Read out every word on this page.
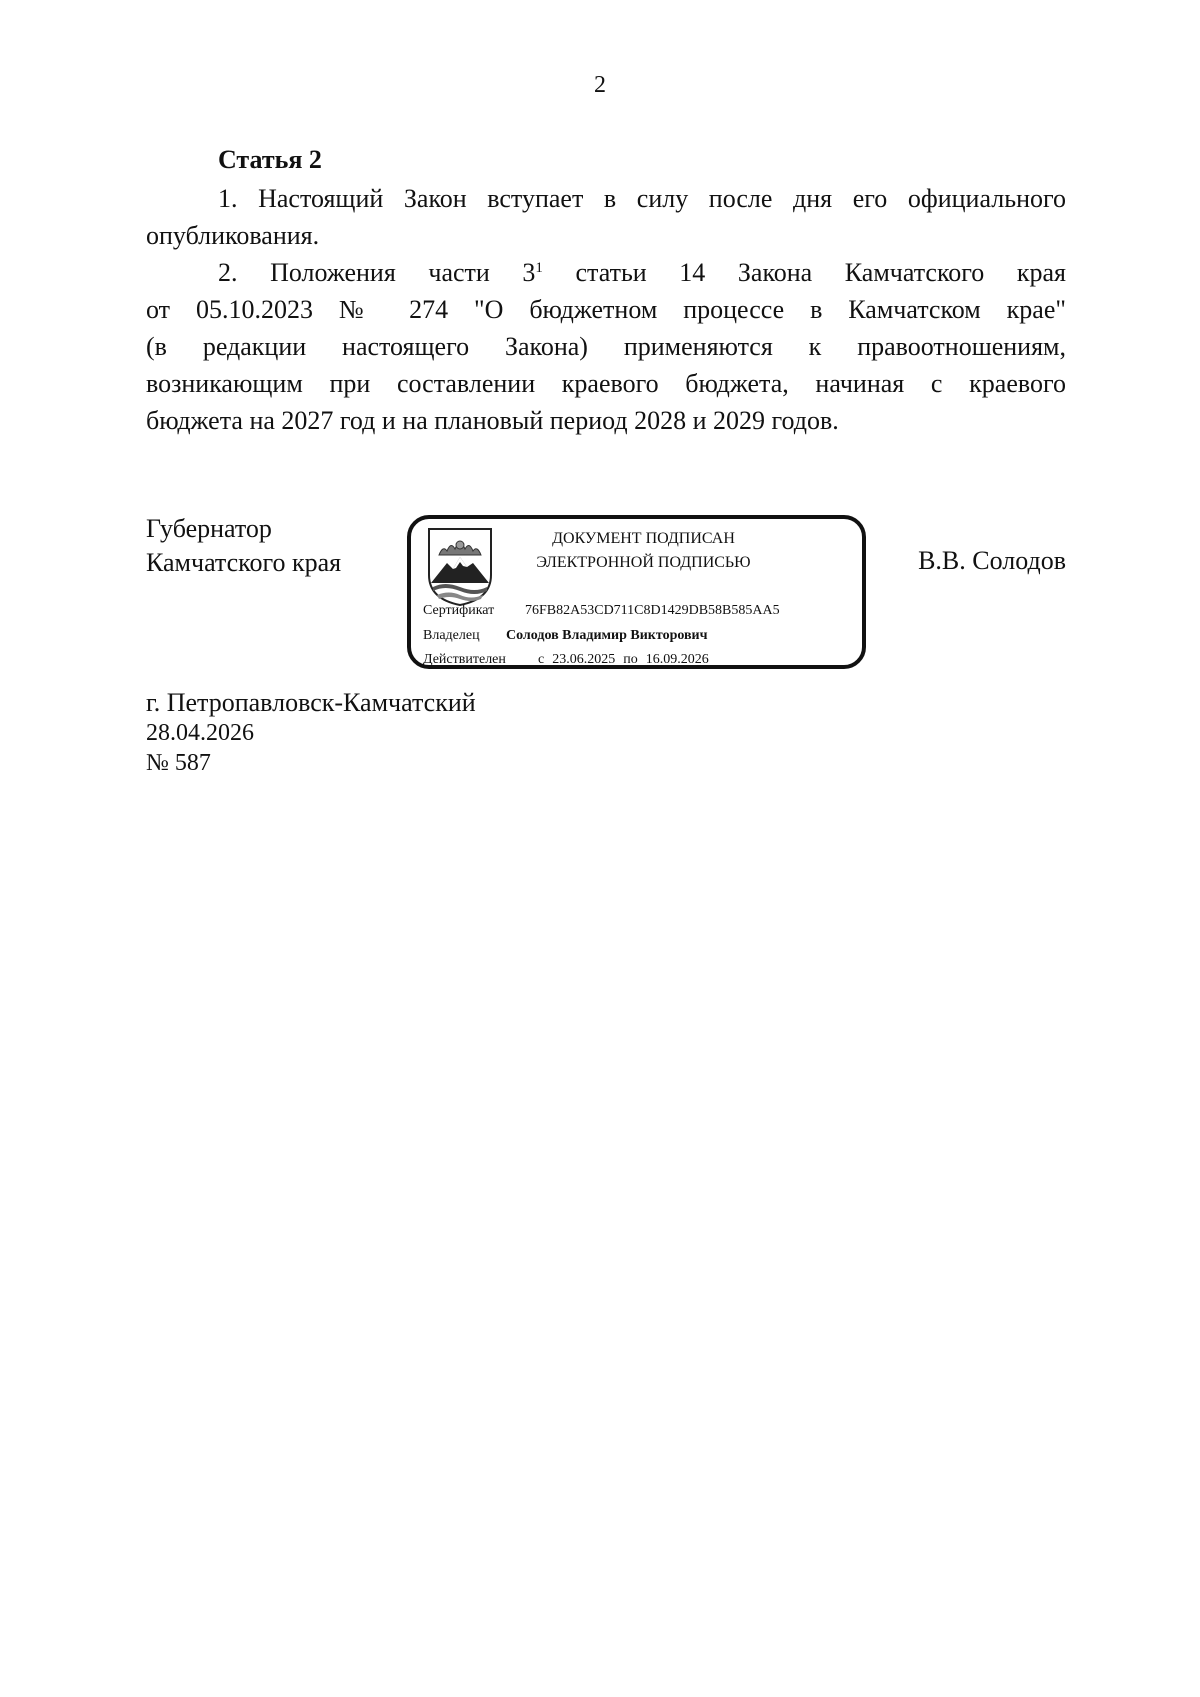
2
Статья 2
1. Настоящий Закон вступает в силу после дня его официального
опубликования.
2. Положения части $3^1$ статьи 14 Закона Камчатского края
от 05.10.2023 № 274 "О бюджетном процессе в Камчатском крае"
(в редакции настоящего Закона) применяются к правоотношениям,
возникающим при составлении краевого бюджета, начиная с краевого
бюджета на 2027 год и на плановый период 2028 и 2029 годов.
Губернатор
Камчатского края
ДОКУМЕНТ ПОДПИСАН
ЭЛЕКТРОННОЙ ПОДПИСЬЮ
Сертификат 76FB82A53CD711C8D1429DB58B585AA5
Владелец Солодов Владимир Викторович
Действителен с 23.06.2025 по 16.09.2026
В.В. Солодов
г. Петропавловск-Камчатский
28.04.2026
№ 587
